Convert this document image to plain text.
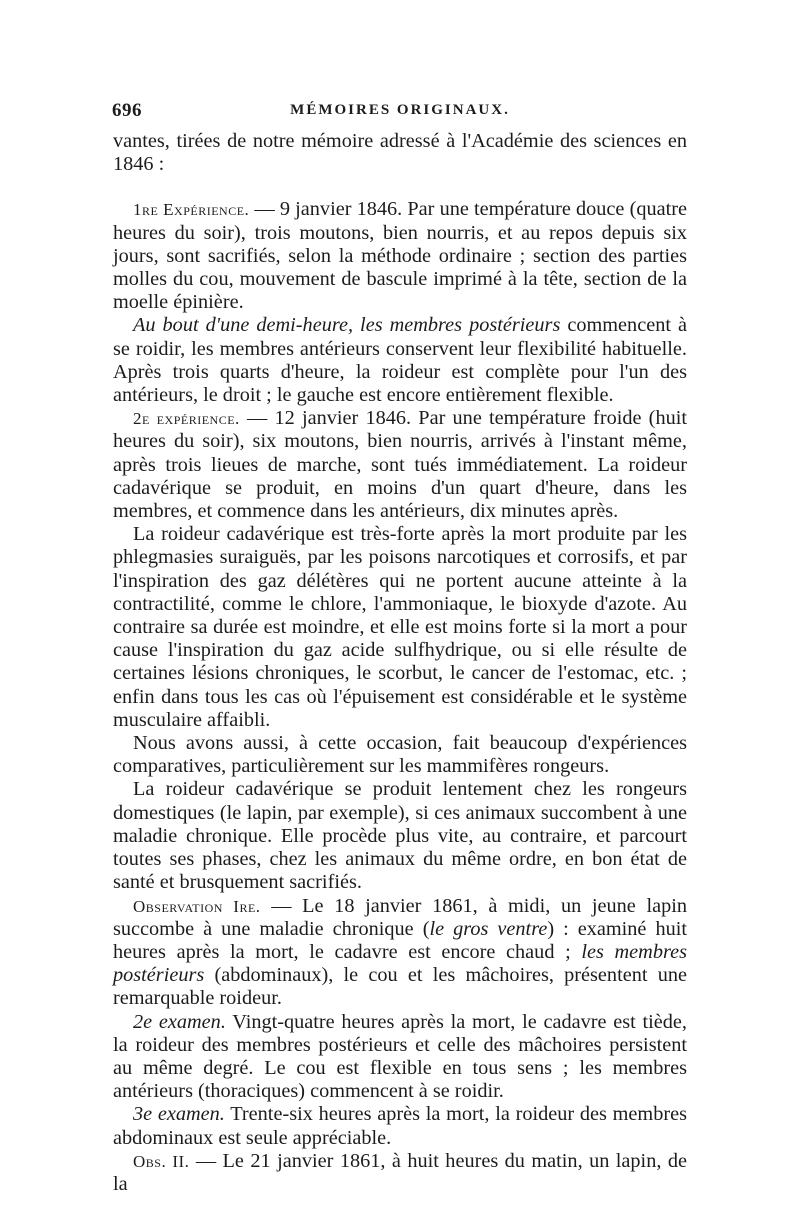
696	MÉMOIRES ORIGINAUX.

vantes, tirées de notre mémoire adressé à l'Académie des sciences en 1846 :

1re Expérience. — 9 janvier 1846. Par une température douce (quatre heures du soir), trois moutons, bien nourris, et au repos depuis six jours, sont sacrifiés, selon la méthode ordinaire ; section des parties molles du cou, mouvement de bascule imprimé à la tête, section de la moelle épinière.

Au bout d'une demi-heure, les membres postérieurs commencent à se roidir, les membres antérieurs conservent leur flexibilité habituelle. Après trois quarts d'heure, la roideur est complète pour l'un des antérieurs, le droit ; le gauche est encore entièrement flexible.

2e expérience. — 12 janvier 1846. Par une température froide (huit heures du soir), six moutons, bien nourris, arrivés à l'instant même, après trois lieues de marche, sont tués immédiatement. La roideur cadavérique se produit, en moins d'un quart d'heure, dans les membres, et commence dans les antérieurs, dix minutes après.

La roideur cadavérique est très-forte après la mort produite par les phlegmasies suraiguës, par les poisons narcotiques et corrosifs, et par l'inspiration des gaz délétères qui ne portent aucune atteinte à la contractilité, comme le chlore, l'ammoniaque, le bioxyde d'azote. Au contraire sa durée est moindre, et elle est moins forte si la mort a pour cause l'inspiration du gaz acide sulfhydrique, ou si elle résulte de certaines lésions chroniques, le scorbut, le cancer de l'estomac, etc. ; enfin dans tous les cas où l'épuisement est considérable et le système musculaire affaibli.

Nous avons aussi, à cette occasion, fait beaucoup d'expériences comparatives, particulièrement sur les mammifères rongeurs.

La roideur cadavérique se produit lentement chez les rongeurs domestiques (le lapin, par exemple), si ces animaux succombent à une maladie chronique. Elle procède plus vite, au contraire, et parcourt toutes ses phases, chez les animaux du même ordre, en bon état de santé et brusquement sacrifiés.

Observation Ire. — Le 18 janvier 1861, à midi, un jeune lapin succombe à une maladie chronique (le gros ventre) : examiné huit heures après la mort, le cadavre est encore chaud ; les membres postérieurs (abdominaux), le cou et les mâchoires, présentent une remarquable roideur.

2e examen. Vingt-quatre heures après la mort, le cadavre est tiède, la roideur des membres postérieurs et celle des mâchoires persistent au même degré. Le cou est flexible en tous sens ; les membres antérieurs (thoraciques) commencent à se roidir.

3e examen. Trente-six heures après la mort, la roideur des membres abdominaux est seule appréciable.

Obs. II. — Le 21 janvier 1861, à huit heures du matin, un lapin, de la
